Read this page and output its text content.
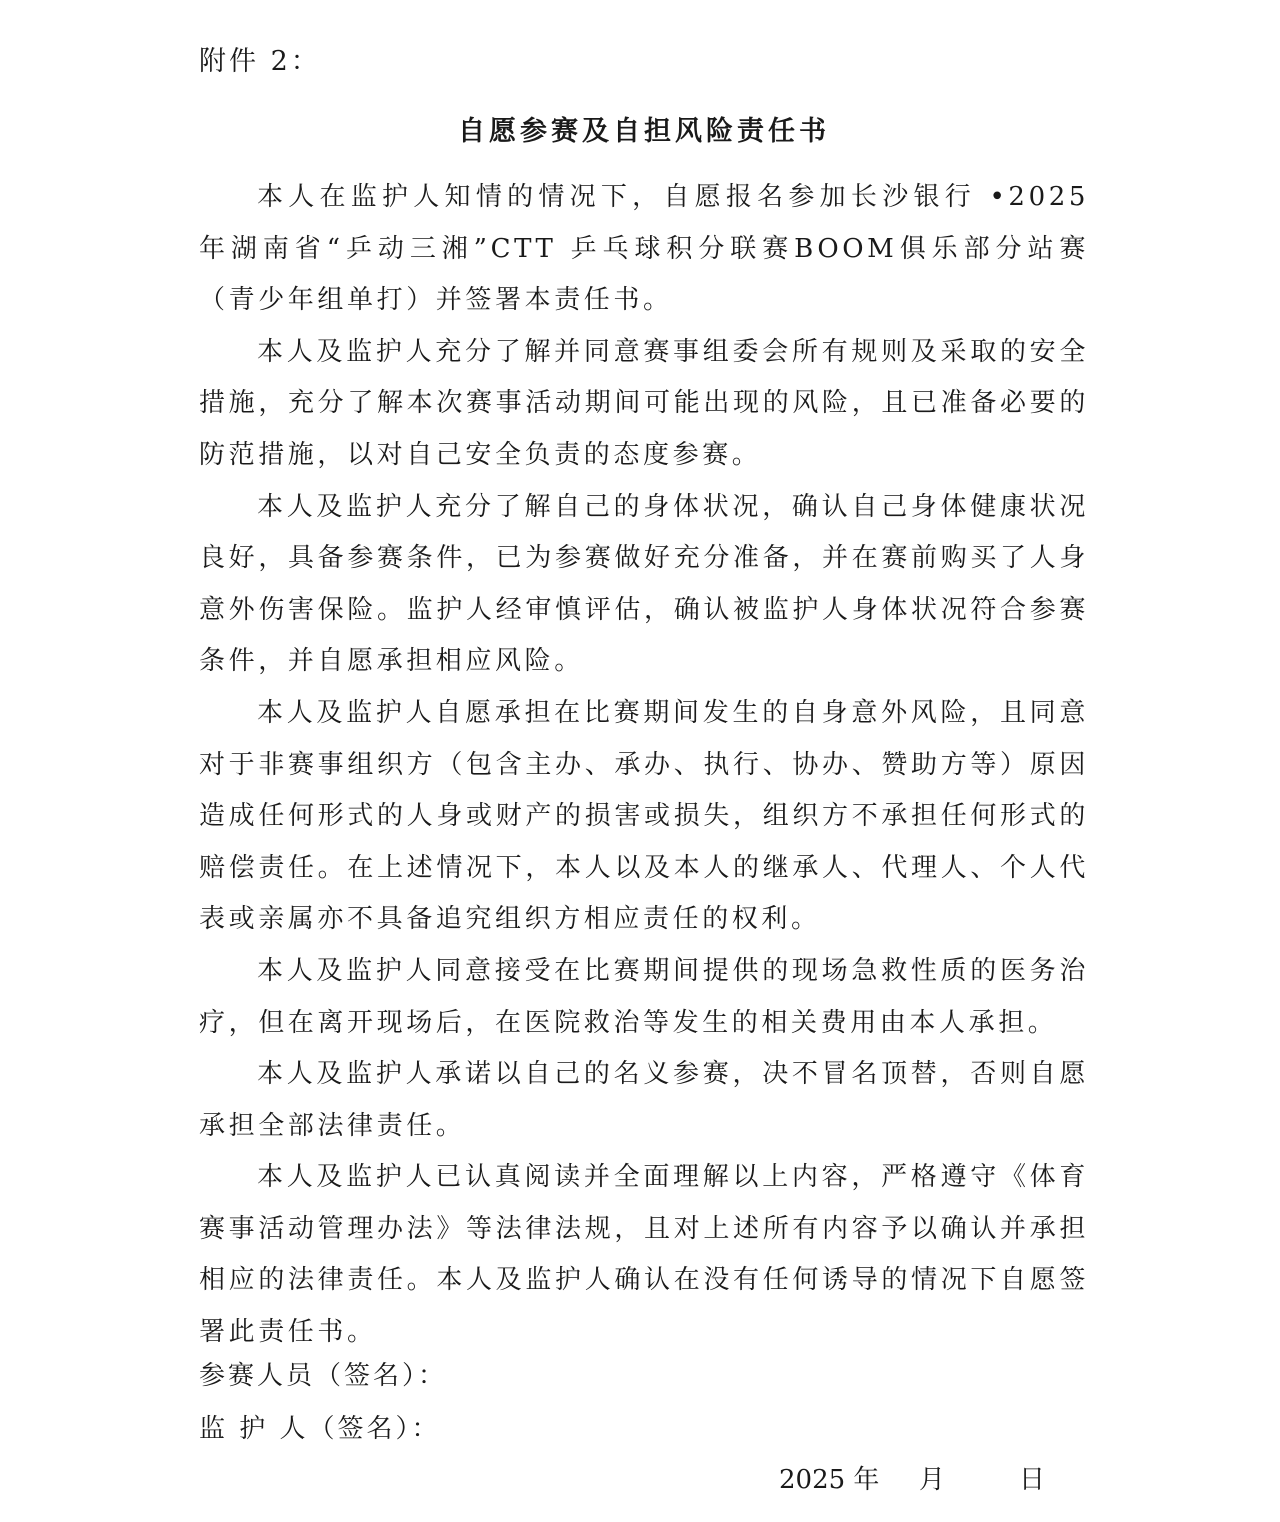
附件 2：
自愿参赛及自担风险责任书

本人在监护人知情的情况下，自愿报名参加长沙银行 •2025 年湖南省“乒动三湘”CTT 乒乓球积分联赛BOOM俱乐部分站赛（青少年组单打）并签署本责任书。

本人及监护人充分了解并同意赛事组委会所有规则及采取的安全措施，充分了解本次赛事活动期间可能出现的风险，且已准备必要的防范措施，以对自己安全负责的态度参赛。

本人及监护人充分了解自己的身体状况，确认自己身体健康状况良好，具备参赛条件，已为参赛做好充分准备，并在赛前购买了人身意外伤害保险。监护人经审慎评估，确认被监护人身体状况符合参赛条件，并自愿承担相应风险。

本人及监护人自愿承担在比赛期间发生的自身意外风险，且同意对于非赛事组织方（包含主办、承办、执行、协办、赞助方等）原因造成任何形式的人身或财产的损害或损失，组织方不承担任何形式的赔偿责任。在上述情况下，本人以及本人的继承人、代理人、个人代表或亲属亦不具备追究组织方相应责任的权利。

本人及监护人同意接受在比赛期间提供的现场急救性质的医务治疗，但在离开现场后，在医院救治等发生的相关费用由本人承担。

本人及监护人承诺以自己的名义参赛，决不冒名顶替，否则自愿承担全部法律责任。

本人及监护人已认真阅读并全面理解以上内容，严格遵守《体育赛事活动管理办法》等法律法规，且对上述所有内容予以确认并承担相应的法律责任。本人及监护人确认在没有任何诱导的情况下自愿签署此责任书。

参赛人员（签名）：
监 护 人（签名）：
2025 年 月	日
